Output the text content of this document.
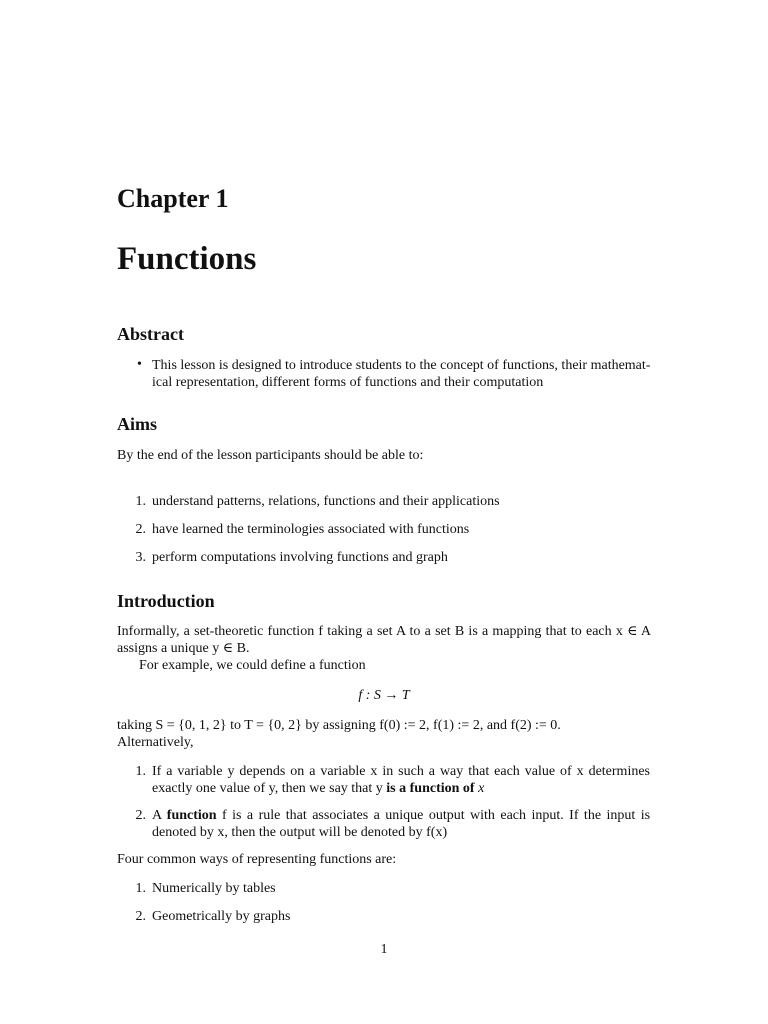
Chapter 1
Functions
Abstract
• This lesson is designed to introduce students to the concept of functions, their mathemat-
ical representation, different forms of functions and their computation
Aims
By the end of the lesson participants should be able to:
1. understand patterns, relations, functions and their applications
2. have learned the terminologies associated with functions
3. perform computations involving functions and graph
Introduction
Informally, a set-theoretic function f taking a set A to a set B is a mapping that to each x ∈ A
assigns a unique y ∈ B.
For example, we could define a function
f : S → T
taking S = {0, 1, 2} to T = {0, 2} by assigning f(0) := 2, f(1) := 2, and f(2) := 0.
Alternatively,
1. If a variable y depends on a variable x in such a way that each value of x determines
exactly one value of y, then we say that y is a function of x
2. A function f is a rule that associates a unique output with each input. If the input is
denoted by x, then the output will be denoted by f(x)
Four common ways of representing functions are:
1. Numerically by tables
2. Geometrically by graphs
1
